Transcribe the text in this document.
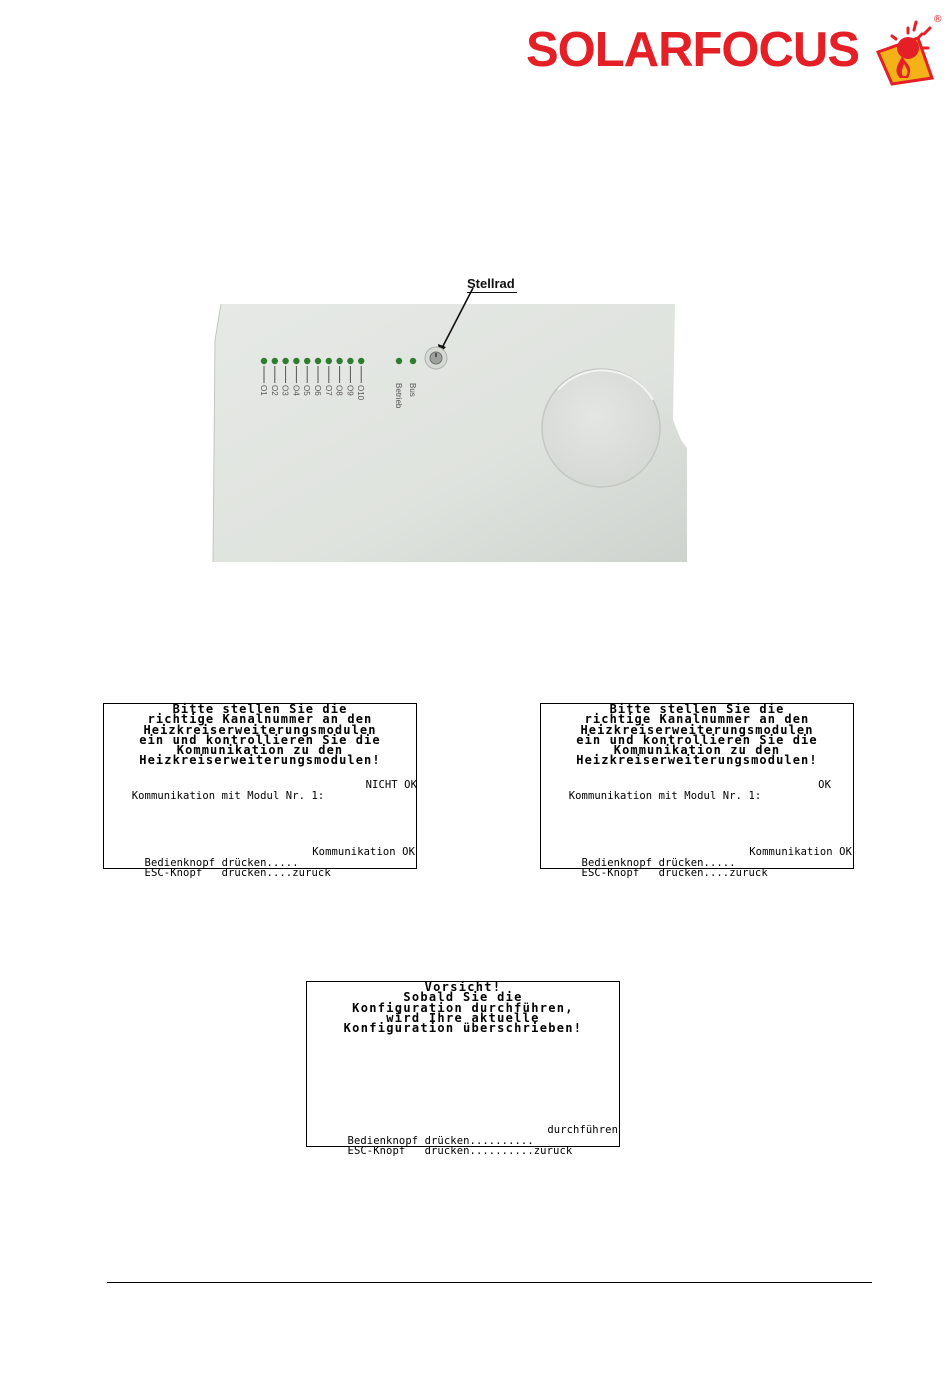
SOLARFOCUS
®
Stellrad
O1 O2 O3 O4 O5 O6 O7 O8 O9 O10	Betrieb Bus
Bitte stellen Sie die
richtige Kanalnummer an den
Heizkreiserweiterungsmodulen
ein und kontrollieren Sie die
Kommunikation zu den
Heizkreiserweiterungsmodulen!

Kommunikation mit Modul Nr. 1:

NICHT OK

Bedienknopf drücken.....

Kommunikation OK

ESC-Knopf   drücken....zurück

Bitte stellen Sie die
richtige Kanalnummer an den
Heizkreiserweiterungsmodulen
ein und kontrollieren Sie die
Kommunikation zu den
Heizkreiserweiterungsmodulen!

Kommunikation mit Modul Nr. 1:

OK

Bedienknopf drücken.....

Kommunikation OK

ESC-Knopf   drücken....zurück

Vorsicht!
Sobald Sie die
Konfiguration durchführen,
wird Ihre aktuelle
Konfiguration überschrieben!

Bedienknopf drücken..........

durchführen

ESC-Knopf   drücken..........zurück
